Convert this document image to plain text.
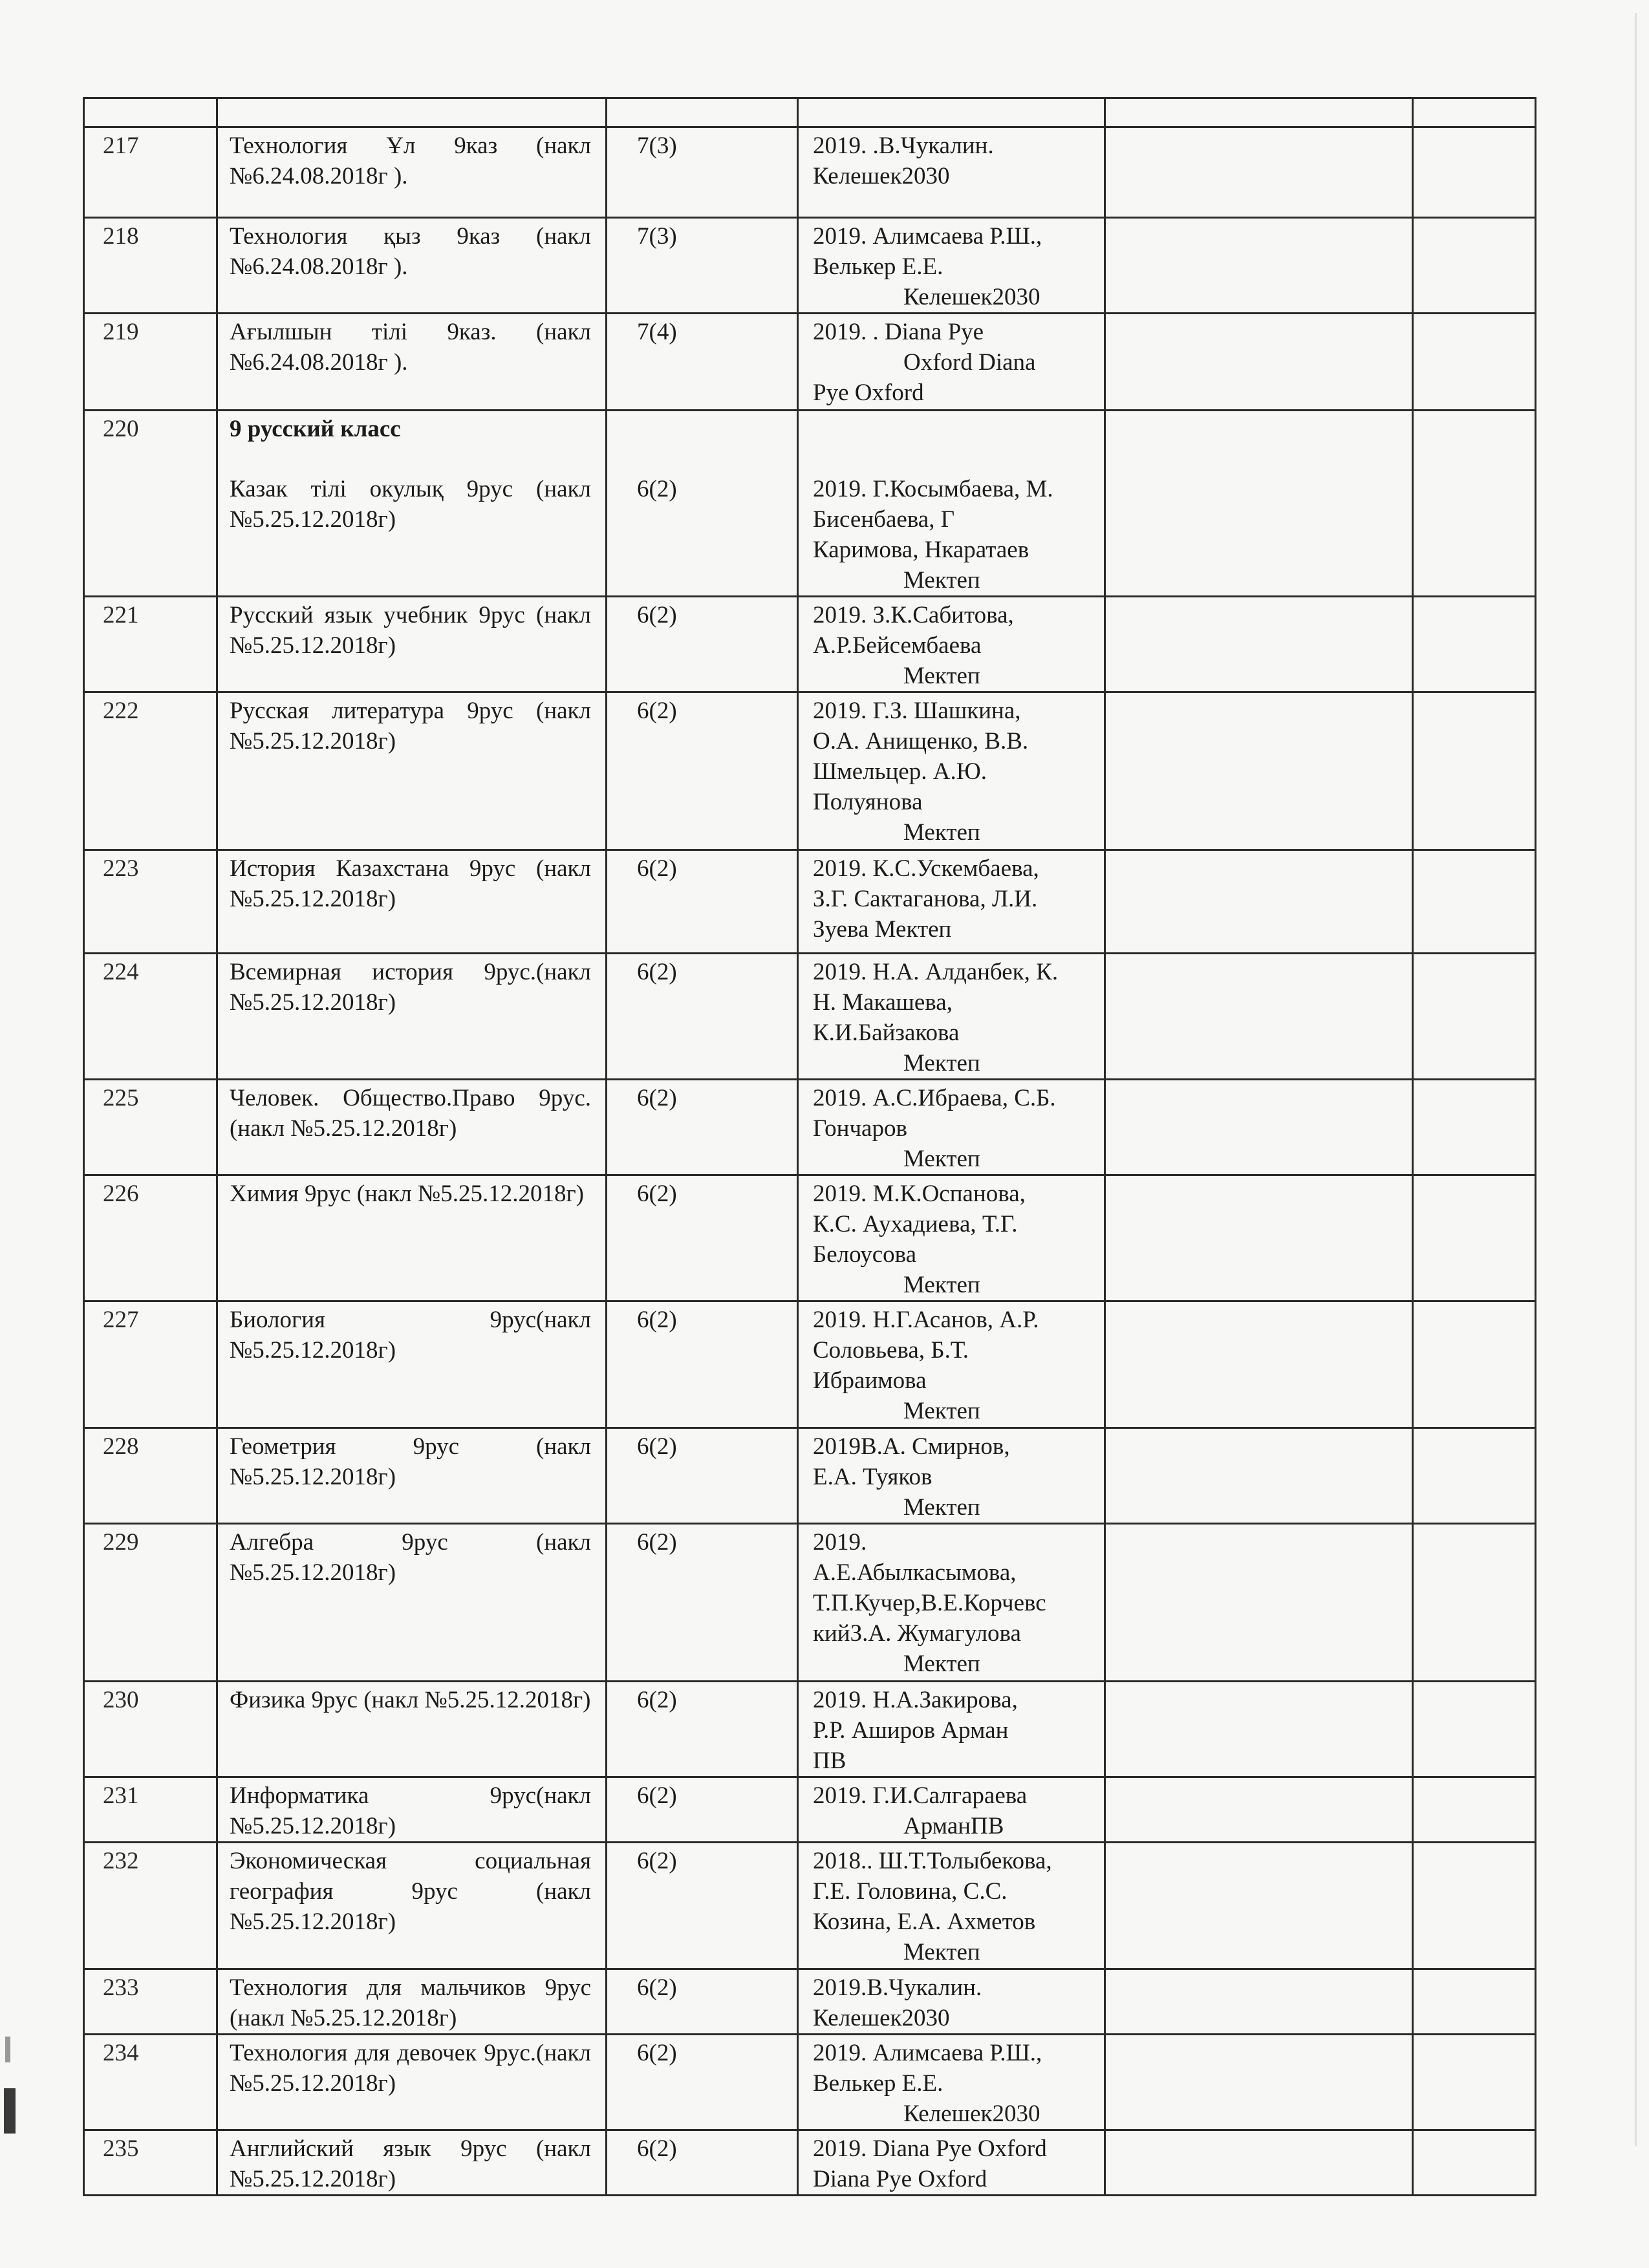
217	Технология Ұл 9каз (накл №6.24.08.2018г ).	7(3)	2019. .В.Чукалин.
Келешек2030		

218	Технология қыз 9каз (накл №6.24.08.2018г ).	7(3)	2019. Алимсаева Р.Ш.,
Велькер Е.Е.
Келешек2030		

219	Ағылшын тілі 9каз. (накл №6.24.08.2018г ).	7(4)	2019. . Diana Pye
Oxford Diana
Pye Oxford		

220	9 русский класс
Казак тілі окулық 9рус (накл №5.25.12.2018г)	6(2)	2019. Г.Косымбаева, М.
Бисенбаева, Г
Каримова, Нкаратаев
Мектеп		

221	Русский язык учебник 9рус (накл №5.25.12.2018г)	6(2)	2019. З.К.Сабитова,
А.Р.Бейсембаева
Мектеп		

222	Русская литература 9рус (накл №5.25.12.2018г)	6(2)	2019. Г.З. Шашкина,
О.А. Анищенко, В.В.
Шмельцер. А.Ю.
Полуянова
Мектеп		

223	История Казахстана 9рус (накл №5.25.12.2018г)	6(2)	2019. К.С.Ускембаева,
З.Г. Сактаганова, Л.И.
Зуева Мектеп		

224	Всемирная история 9рус.(накл №5.25.12.2018г)	6(2)	2019. Н.А. Алданбек, К.
Н. Макашева,
К.И.Байзакова
Мектеп		

225	Человек. Общество.Право 9рус.(накл №5.25.12.2018г)	6(2)	2019. А.С.Ибраева, С.Б.
Гончаров
Мектеп		

226	Химия 9рус (накл №5.25.12.2018г)	6(2)	2019. М.К.Оспанова,
К.С. Аухадиева, Т.Г.
Белоусова
Мектеп		

227	Биология 9рус(накл №5.25.12.2018г)	6(2)	2019. Н.Г.Асанов, А.Р.
Соловьева, Б.Т.
Ибраимова
Мектеп		

228	Геометрия 9рус (накл №5.25.12.2018г)	6(2)	2019В.А. Смирнов,
Е.А. Туяков
Мектеп		

229	Алгебра 9рус (накл №5.25.12.2018г)	6(2)	2019.
А.Е.Абылкасымова,
Т.П.Кучер,В.Е.Корчевс
кийЗ.А. Жумагулова
Мектеп		

230	Физика 9рус (накл №5.25.12.2018г)	6(2)	2019. Н.А.Закирова,
Р.Р. Аширов Арман
ПВ		

231	Информатика 9рус(накл №5.25.12.2018г)	6(2)	2019. Г.И.Салгараева
АрманПВ		

232	Экономическая социальная география 9рус (накл №5.25.12.2018г)	6(2)	2018.. Ш.Т.Толыбекова,
Г.Е. Головина, С.С.
Козина, Е.А. Ахметов
Мектеп		

233	Технология для мальчиков 9рус (накл №5.25.12.2018г)	6(2)	2019.В.Чукалин.
Келешек2030		

234	Технология для девочек 9рус.(накл №5.25.12.2018г)	6(2)	2019. Алимсаева Р.Ш.,
Велькер Е.Е.
Келешек2030		

235	Английский язык 9рус (накл №5.25.12.2018г)	6(2)	2019. Diana Pye Oxford
Diana Pye Oxford		
